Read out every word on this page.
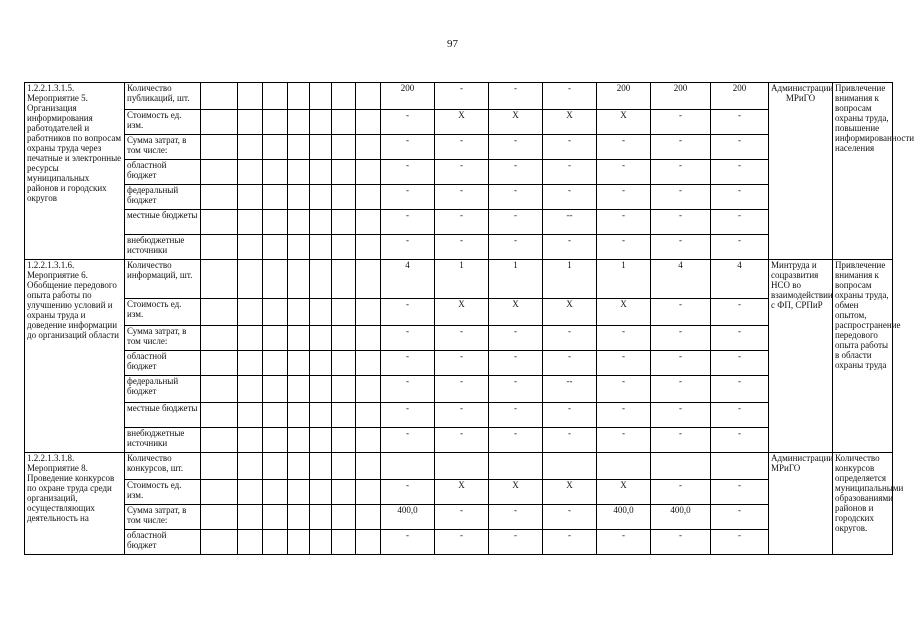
97
1.2.2.1.3.1.5. Мероприятие 5. Организация информирования работодателей и работников по вопросам охраны труда через печатные и электронные ресурсы муниципальных районов и городских округов	Количество публикаций, шт.								200	-	-	-	200	200	200	Администрации МРиГО	Привлечение внимания к вопросам охраны труда, повышение информированности населения
	Стоимость ед. изм.								-	X	X	X	X	-	-		
	Сумма затрат, в том числе:								-	-	-	-	-	-	-		
	областной бюджет								-	-	-	-	-	-	-		
	федеральный бюджет								-	-	-	-	-	-	-		
	местные бюджеты								-	-	-	--	-	-	-		
	внебюджетные источники								-	-	-	-	-	-	-		
1.2.2.1.3.1.6. Мероприятие 6. Обобщение передового опыта работы по улучшению условий и охраны труда и доведение информации до организаций области	Количество информаций, шт.								4	1	1	1	1	4	4	Минтруда и соцразвития НСО во взаимодействии с ФП, СРПиР	Привлечение внимания к вопросам охраны труда, обмен опытом, распространение передового опыта работы в области охраны труда
	Стоимость ед. изм.								-	X	X	X	X	-	-		
	Сумма затрат, в том числе:								-	-	-	-	-	-	-		
	областной бюджет								-	-	-	-	-	-	-		
	федеральный бюджет								-	-	-	--	-	-	-		
	местные бюджеты								-	-	-	-	-	-	-		
	внебюджетные источники								-	-	-	-	-	-	-		
1.2.2.1.3.1.8. Мероприятие 8. Проведение конкурсов по охране труда среди организаций, осуществляющих деятельность на	Количество конкурсов, шт.															Администрации МРиГО	Количество конкурсов определяется муниципальными образованиями районов и городских округов.
	Стоимость ед. изм.								-	X	X	X	X	-	-		
	Сумма затрат, в том числе:								400,0	-	-	-	400,0	400,0	-		
	областной бюджет								-	-	-	-	-	-	-		
